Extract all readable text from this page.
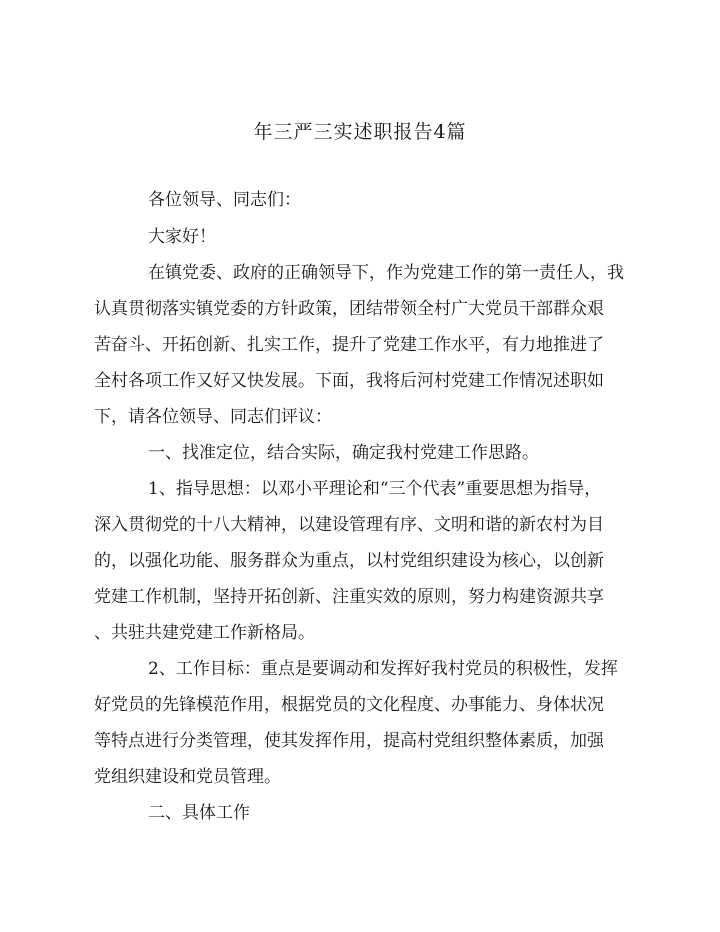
年三严三实述职报告4篇
各位领导、同志们：
大家好！
在镇党委、政府的正确领导下，作为党建工作的第一责任人，我
认真贯彻落实镇党委的方针政策，团结带领全村广大党员干部群众艰
苦奋斗、开拓创新、扎实工作，提升了党建工作水平，有力地推进了
全村各项工作又好又快发展。下面，我将后河村党建工作情况述职如
下，请各位领导、同志们评议：
一、找准定位，结合实际，确定我村党建工作思路。
1、指导思想：以邓小平理论和“三个代表”重要思想为指导，
深入贯彻党的十八大精神，以建设管理有序、文明和谐的新农村为目
的，以强化功能、服务群众为重点，以村党组织建设为核心，以创新
党建工作机制，坚持开拓创新、注重实效的原则，努力构建资源共享
、共驻共建党建工作新格局。
2、工作目标：重点是要调动和发挥好我村党员的积极性，发挥
好党员的先锋模范作用，根据党员的文化程度、办事能力、身体状况
等特点进行分类管理，使其发挥作用，提高村党组织整体素质，加强
党组织建设和党员管理。
二、具体工作
